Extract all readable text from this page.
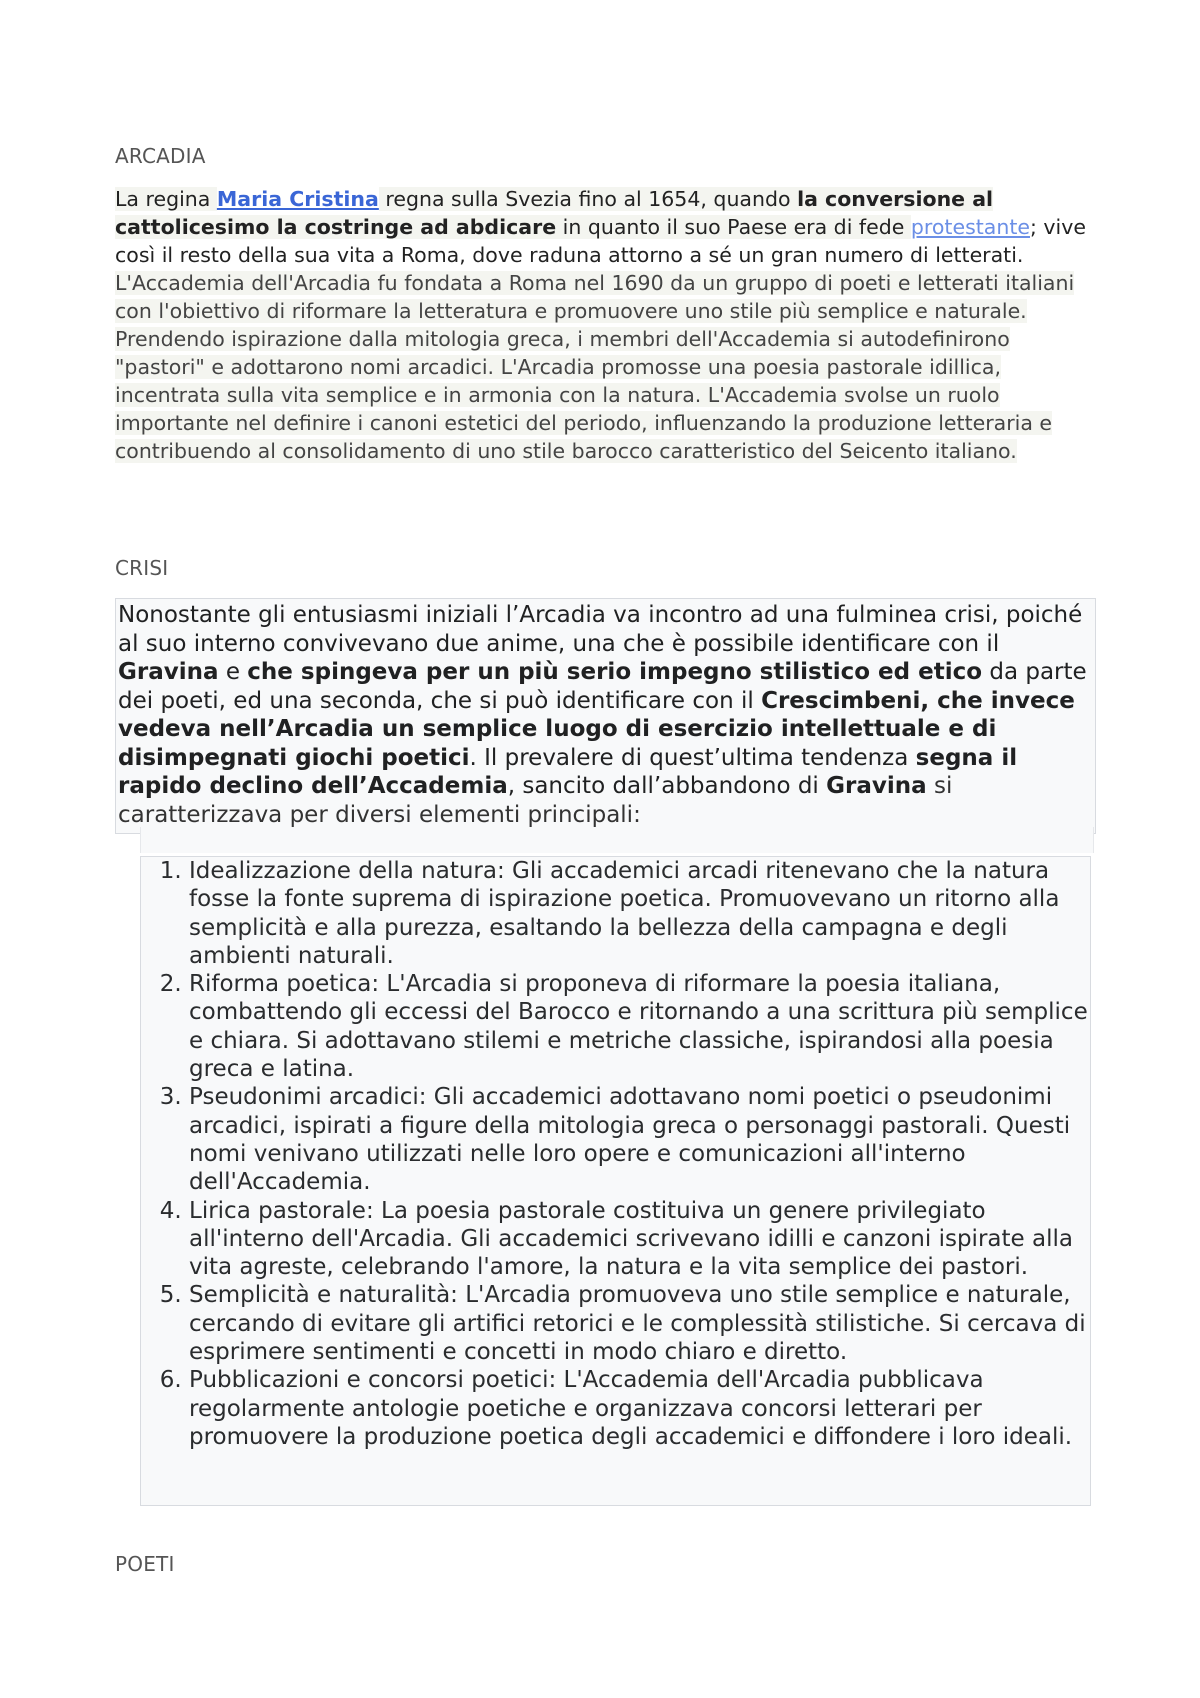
ARCADIA
La regina Maria Cristina regna sulla Svezia fino al 1654, quando la conversione al cattolicesimo la costringe ad abdicare in quanto il suo Paese era di fede protestante; vive così il resto della sua vita a Roma, dove raduna attorno a sé un gran numero di letterati. L'Accademia dell'Arcadia fu fondata a Roma nel 1690 da un gruppo di poeti e letterati italiani con l'obiettivo di riformare la letteratura e promuovere uno stile più semplice e naturale. Prendendo ispirazione dalla mitologia greca, i membri dell'Accademia si autodefinirono "pastori" e adottarono nomi arcadici. L'Arcadia promosse una poesia pastorale idillica, incentrata sulla vita semplice e in armonia con la natura. L'Accademia svolse un ruolo importante nel definire i canoni estetici del periodo, influenzando la produzione letteraria e contribuendo al consolidamento di uno stile barocco caratteristico del Seicento italiano.
CRISI
Nonostante gli entusiasmi iniziali l’Arcadia va incontro ad una fulminea crisi, poiché al suo interno convivevano due anime, una che è possibile identificare con il Gravina e che spingeva per un più serio impegno stilistico ed etico da parte dei poeti, ed una seconda, che si può identificare con il Crescimbeni, che invece vedeva nell’Arcadia un semplice luogo di esercizio intellettuale e di disimpegnati giochi poetici. Il prevalere di quest’ultima tendenza segna il rapido declino dell’Accademia, sancito dall’abbandono di Gravina si caratterizzava per diversi elementi principali:
1. Idealizzazione della natura: Gli accademici arcadi ritenevano che la natura fosse la fonte suprema di ispirazione poetica. Promuovevano un ritorno alla semplicità e alla purezza, esaltando la bellezza della campagna e degli ambienti naturali.
2. Riforma poetica: L'Arcadia si proponeva di riformare la poesia italiana, combattendo gli eccessi del Barocco e ritornando a una scrittura più semplice e chiara. Si adottavano stilemi e metriche classiche, ispirandosi alla poesia greca e latina.
3. Pseudonimi arcadici: Gli accademici adottavano nomi poetici o pseudonimi arcadici, ispirati a figure della mitologia greca o personaggi pastorali. Questi nomi venivano utilizzati nelle loro opere e comunicazioni all'interno dell'Accademia.
4. Lirica pastorale: La poesia pastorale costituiva un genere privilegiato all'interno dell'Arcadia. Gli accademici scrivevano idilli e canzoni ispirate alla vita agreste, celebrando l'amore, la natura e la vita semplice dei pastori.
5. Semplicità e naturalità: L'Arcadia promuoveva uno stile semplice e naturale, cercando di evitare gli artifici retorici e le complessità stilistiche. Si cercava di esprimere sentimenti e concetti in modo chiaro e diretto.
6. Pubblicazioni e concorsi poetici: L'Accademia dell'Arcadia pubblicava regolarmente antologie poetiche e organizzava concorsi letterari per promuovere la produzione poetica degli accademici e diffondere i loro ideali.
POETI
